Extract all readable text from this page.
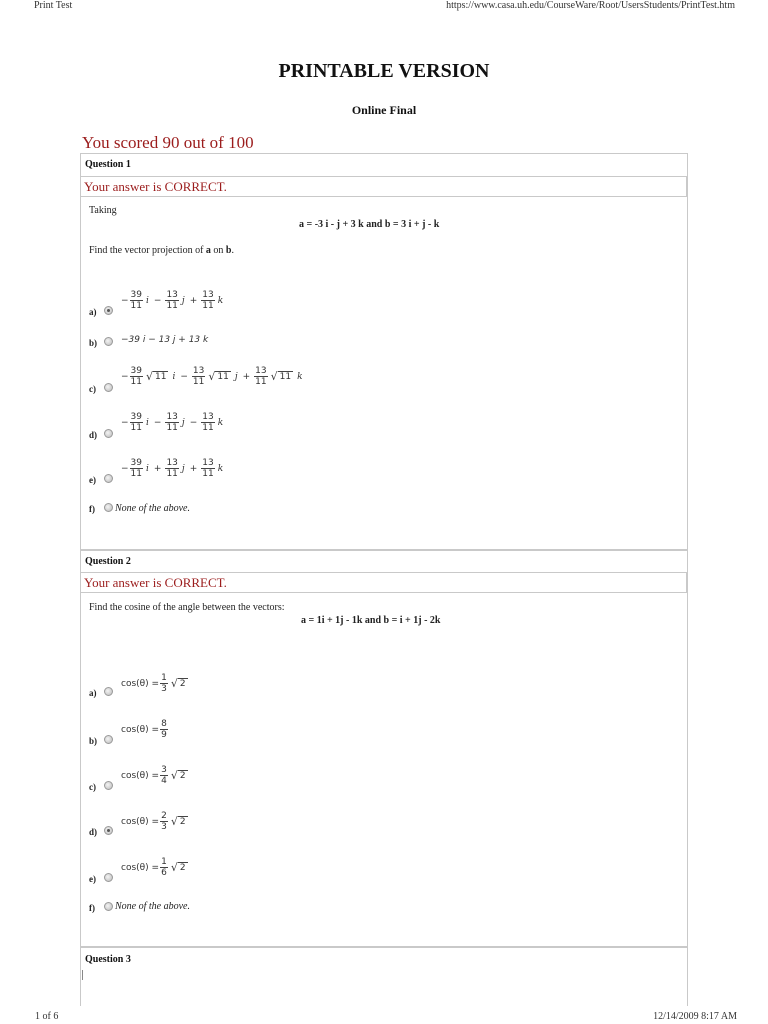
Print Test	https://www.casa.uh.edu/CourseWare/Root/UsersStudents/PrintTest.htm
PRINTABLE VERSION
Online Final
You scored 90 out of 100
Question 1
Your answer is CORRECT.
Taking
a = -3 i - j + 3 k and b = 3 i + j - k
Find the vector projection of a on b.
a)
− $\frac{39}{11}$ $i - \frac{13}{11}$ $j + \frac{13}{11}$ k
b)	−39 i − 13 j + 13 k
c)
− $\frac{39}{11}$ √ 11 $i - \frac{13}{11}$ √ 11 $j + \frac{13}{11}$ √ 11 k
d)
− $\frac{39}{11}$ $i - \frac{13}{11}$ $j - \frac{13}{11}$ k
e)
− $\frac{39}{11}$ $i + \frac{13}{11}$ $j + \frac{13}{11}$ k
f) None of the above.
Question 2
Your answer is CORRECT.
Find the cosine of the angle between the vectors:
a = 1i + 1j - 1k and b = i + 1j - 2k
a)
$\cos(\theta) = \frac{1}{3}$ √ 2
b)
$\cos(\theta) = \frac{8}{9}$
c)
$\cos(\theta) = \frac{3}{4}$ √ 2
d)
$\cos(\theta) = \frac{2}{3}$ √ 2
e)
$\cos(\theta) = \frac{1}{6}$ √ 2
f) None of the above.
Question 3
1 of 6	12/14/2009 8:17 AM
